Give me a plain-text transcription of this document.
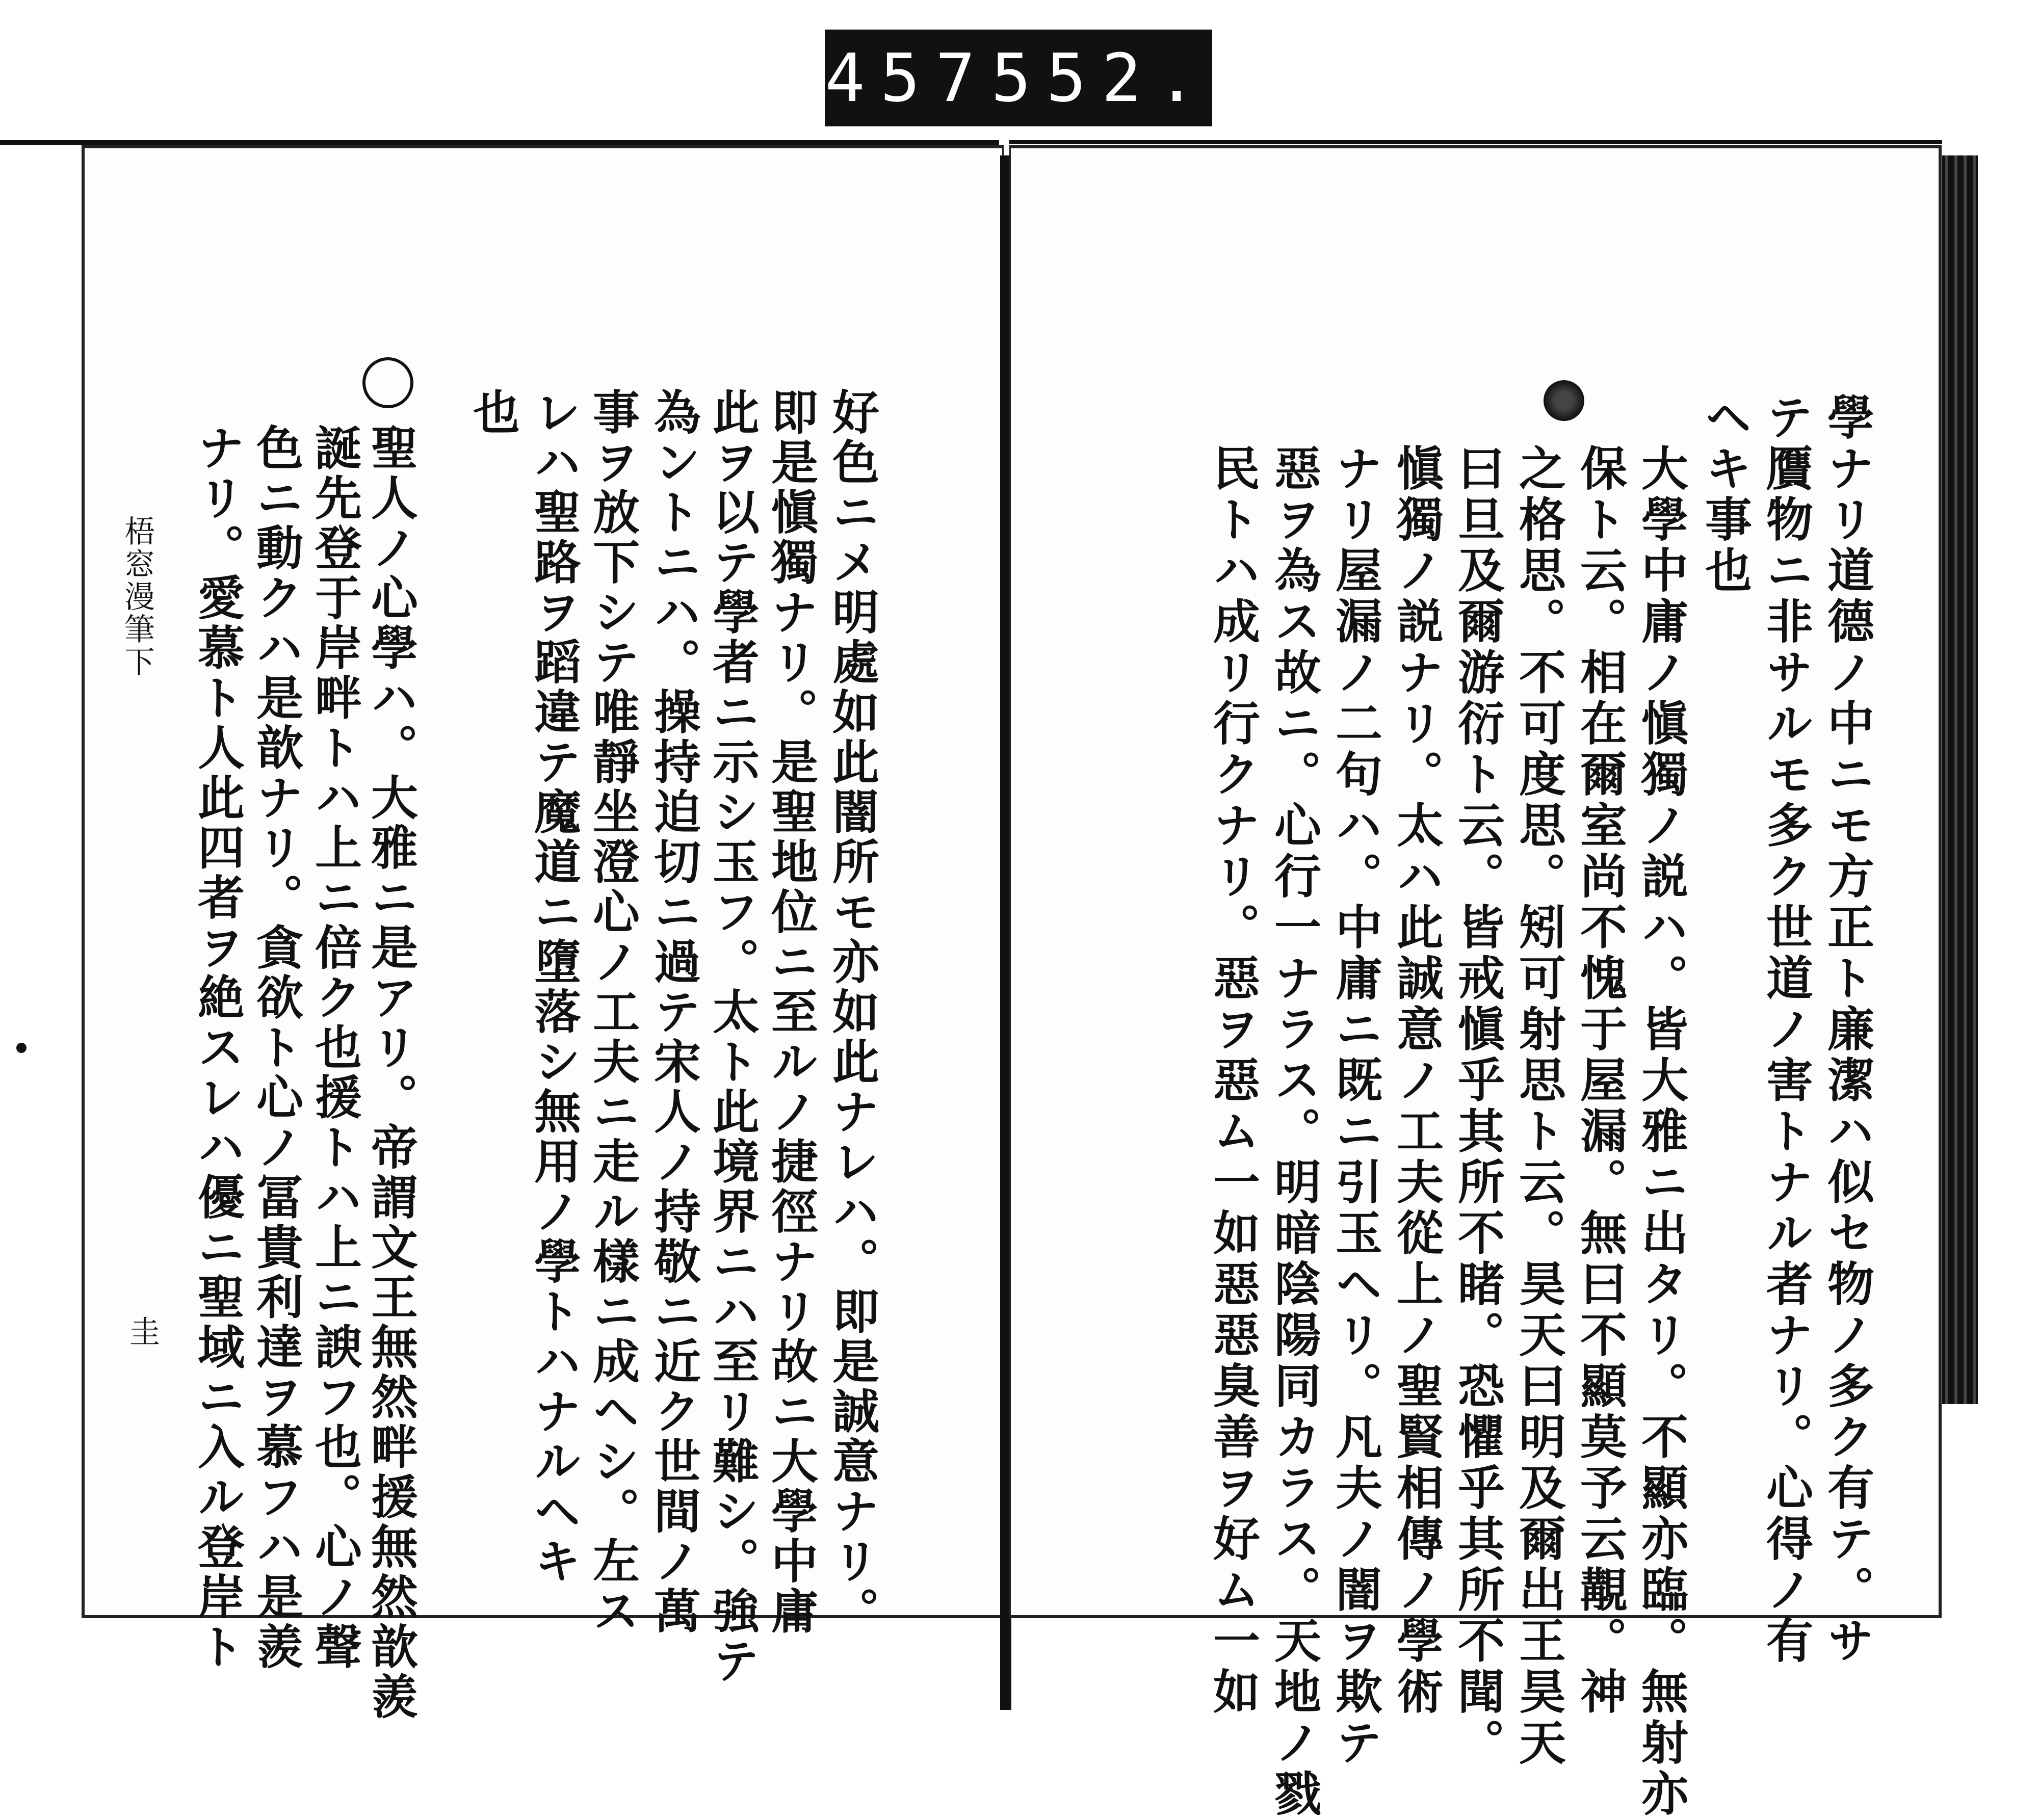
457 552.
梧窓漫筆下
圭	好色ニメ明處如此闇所モ亦如此ナレハ。即是誠意ナリ。
即是愼獨ナリ。是聖地位ニ至ルノ捷徑ナリ故ニ大學中庸
此ヲ以テ學者ニ示シ玉フ。太ト此境界ニハ至リ難シ。強テ
為ントニハ。操持迫切ニ過テ宋人ノ持敬ニ近ク世間ノ萬
事ヲ放下シテ唯靜坐澄心ノ工夫ニ走ル樣ニ成ヘシ。左ス
レハ聖路ヲ蹈違テ魔道ニ墮落シ無用ノ學トハナルヘキ
也
聖人ノ心學ハ。大雅ニ是アリ。帝謂文王無然畔援無然歆羨
誕先登于岸畔トハ上ニ倍ク也援トハ上ニ諛フ也。心ノ聲
色ニ動クハ是歆ナリ。貪欲ト心ノ冨貴利達ヲ慕フハ是羨
ナリ。愛慕ト人此四者ヲ絶スレハ優ニ聖域ニ入ル登岸ト	學ナリ道德ノ中ニモ方正ト廉潔ハ似セ物ノ多ク有テ。サ
テ贋物ニ非サルモ多ク世道ノ害トナル者ナリ。心得ノ有
ヘキ事也
大學中庸ノ愼獨ノ説ハ。皆大雅ニ出タリ。不顯亦臨。無射亦
保ト云。相在爾室尚不愧于屋漏。無曰不顯莫予云覯。神
之格思。不可度思。矧可射思ト云。昊天曰明及爾出王昊天
曰旦及爾游衍ト云。皆戒愼乎其所不睹。恐懼乎其所不聞。
愼獨ノ説ナリ。太ハ此誠意ノ工夫從上ノ聖賢相傳ノ學術
ナリ屋漏ノ二句ハ。中庸ニ既ニ引玉ヘリ。凡夫ノ闇ヲ欺テ
惡ヲ為ス故ニ。心行一ナラス。明暗陰陽同カラス。天地ノ戮
民トハ成リ行クナリ。惡ヲ惡ム一如惡惡臭善ヲ好ム一如
